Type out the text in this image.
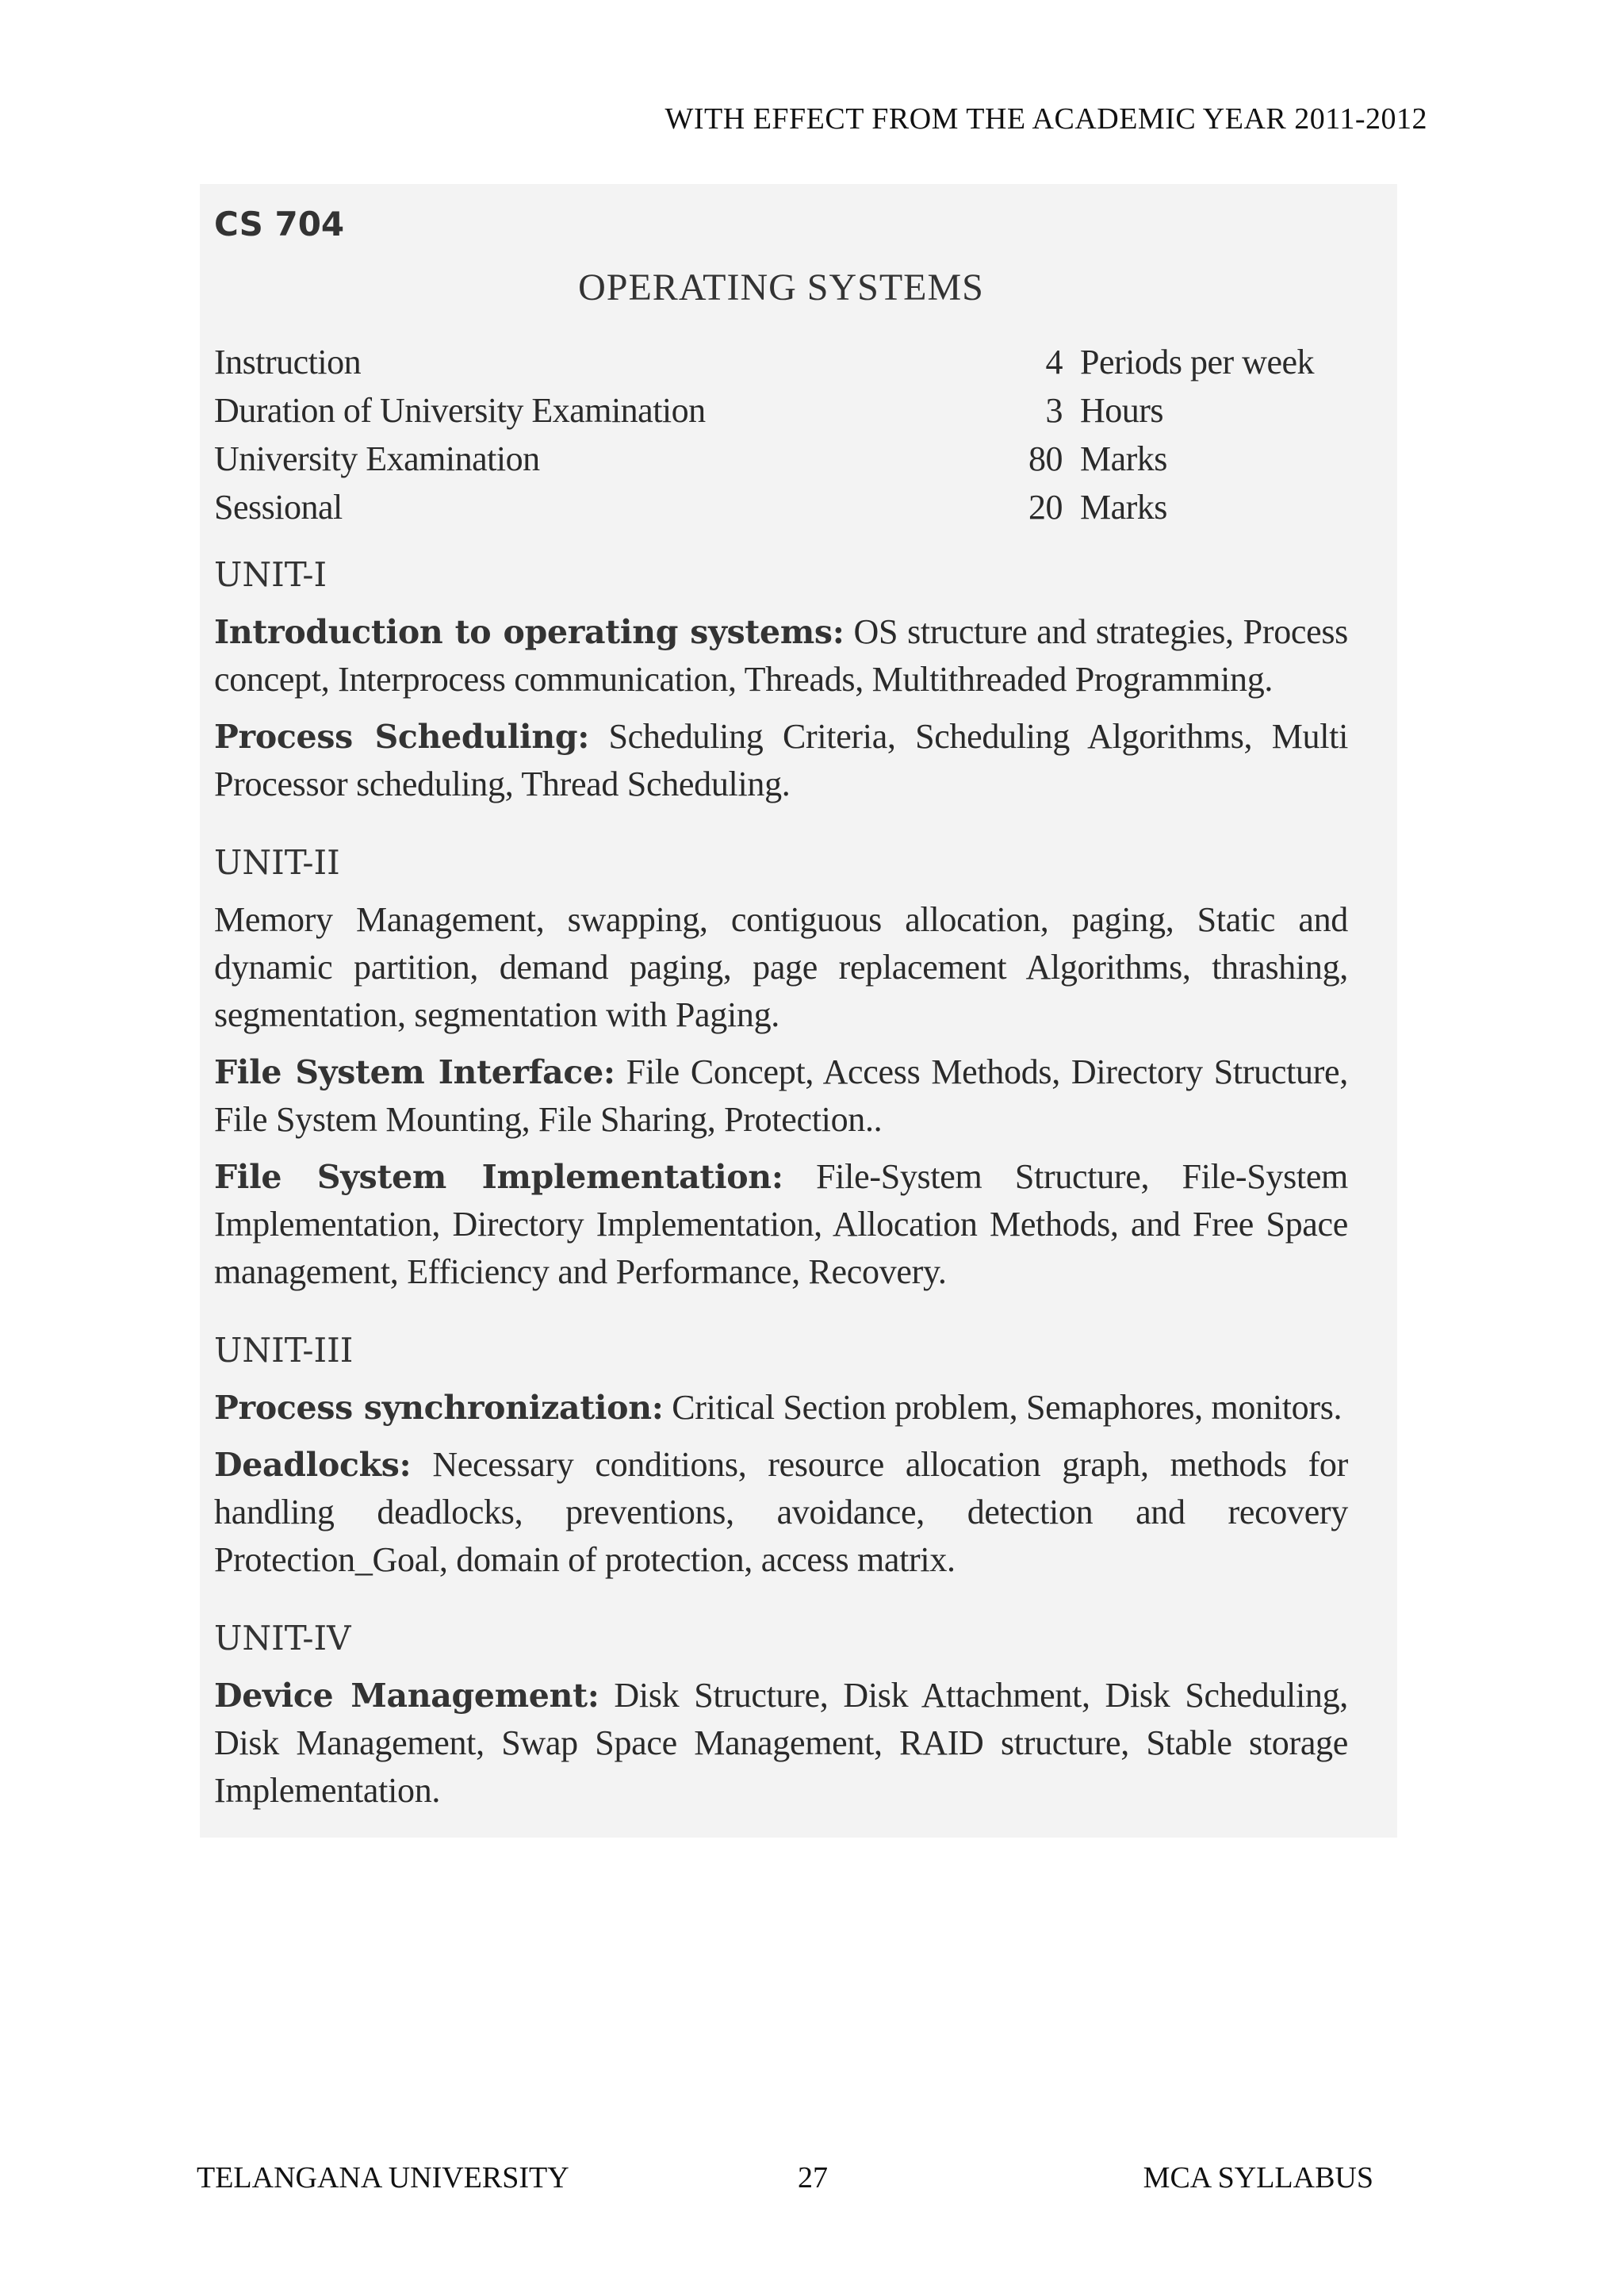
WITH EFFECT FROM THE ACADEMIC YEAR 2011-2012
CS 704
OPERATING SYSTEMS
Instruction	4 Periods per week
Duration of University Examination	3 Hours
University Examination	80 Marks
Sessional	20 Marks
UNIT-I

Introduction to operating systems: OS structure and strategies, Process concept, Interprocess communication, Threads, Multithreaded Programming.

Process Scheduling: Scheduling Criteria, Scheduling Algorithms, Multi Processor scheduling, Thread Scheduling.

UNIT-II

Memory Management, swapping, contiguous allocation, paging, Static and dynamic partition, demand paging, page replacement Algorithms, thrashing, segmentation, segmentation with Paging.

File System Interface: File Concept, Access Methods, Directory Structure, File System Mounting, File Sharing, Protection..

File System Implementation: File-System Structure, File-System Implementation, Directory Implementation, Allocation Methods, and Free Space management, Efficiency and Performance, Recovery.

UNIT-III

Process synchronization: Critical Section problem, Semaphores, monitors.

Deadlocks: Necessary conditions, resource allocation graph, methods for handling deadlocks, preventions, avoidance, detection and recovery Protection_Goal, domain of protection, access matrix.

UNIT-IV

Device Management: Disk Structure, Disk Attachment, Disk Scheduling, Disk Management, Swap Space Management, RAID structure, Stable storage Implementation.

TELANGANA UNIVERSITY	27	MCA SYLLABUS
